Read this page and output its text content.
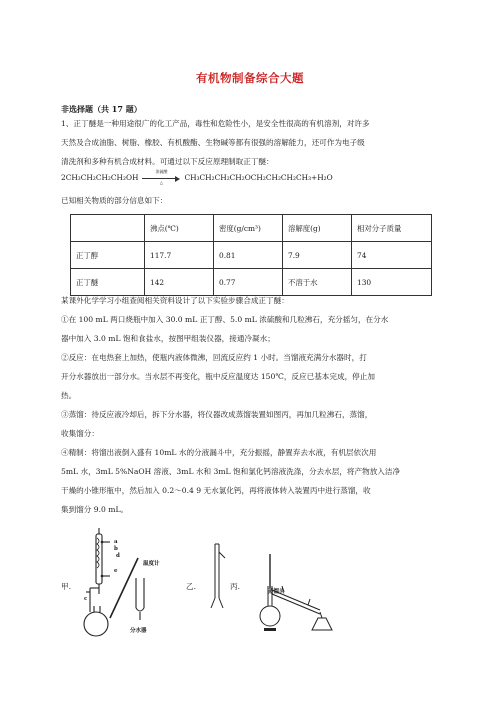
有机物制备综合大题
非选择题（共 17 题）

1、正丁醚是一种用途很广的化工产品，毒性和危险性小，是安全性很高的有机溶剂，对许多

天然及合成油脂、树脂、橡胶、有机酸酯、生物碱等都有很强的溶解能力，还可作为电子级

清洗剂和多种有机合成材料。可通过以下反应原理制取正丁醚：

2CH₃CH₂CH₂CH₂OH
浓硫酸
△
CH₃CH₂CH₂CH₂OCH₂CH₂CH₂CH₃+H₂O

已知相关物质的部分信息如下：

	沸点(℃)	密度(g/cm³)	溶解度(g)	相对分子质量
正丁醇	117.7	0.81	7.9	74
正丁醚	142	0.77	不溶于水	130

某课外化学学习小组查阅相关资料设计了以下实验步骤合成正丁醚：

①在 100 mL 两口烧瓶中加入 30.0 mL 正丁醇、5.0 mL 浓硫酸和几粒沸石，充分摇匀，在分水

器中加入 3.0 mL 饱和食盐水，按图甲组装仪器，接通冷凝水；

②反应：在电热套上加热，使瓶内液体微沸，回流反应约 1 小时。当馏液充满分水器时，打

开分水器放出一部分水。当水层不再变化，瓶中反应温度达 150℃，反应已基本完成，停止加

热。

③蒸馏：待反应液冷却后，拆下分水器，将仪器改成蒸馏装置如图丙，再加几粒沸石，蒸馏，

收集馏分：

④精制：将馏出液倒入盛有 10mL 水的分液漏斗中，充分振摇，静置弃去水液，有机层依次用

5mL 水，3mL 5%NaOH 溶液、3mL 水和 3mL 饱和氯化钙溶液洗涤，分去水层，将产物放入洁净

干燥的小锥形瓶中，然后加入 0.2～0.4 9 无水氯化钙，再将液体转入装置丙中进行蒸馏，收

集到馏分 9.0 mL。

甲.	乙.	丙.
a
b
d
e
c
温度计
分水器
蒸馏头
